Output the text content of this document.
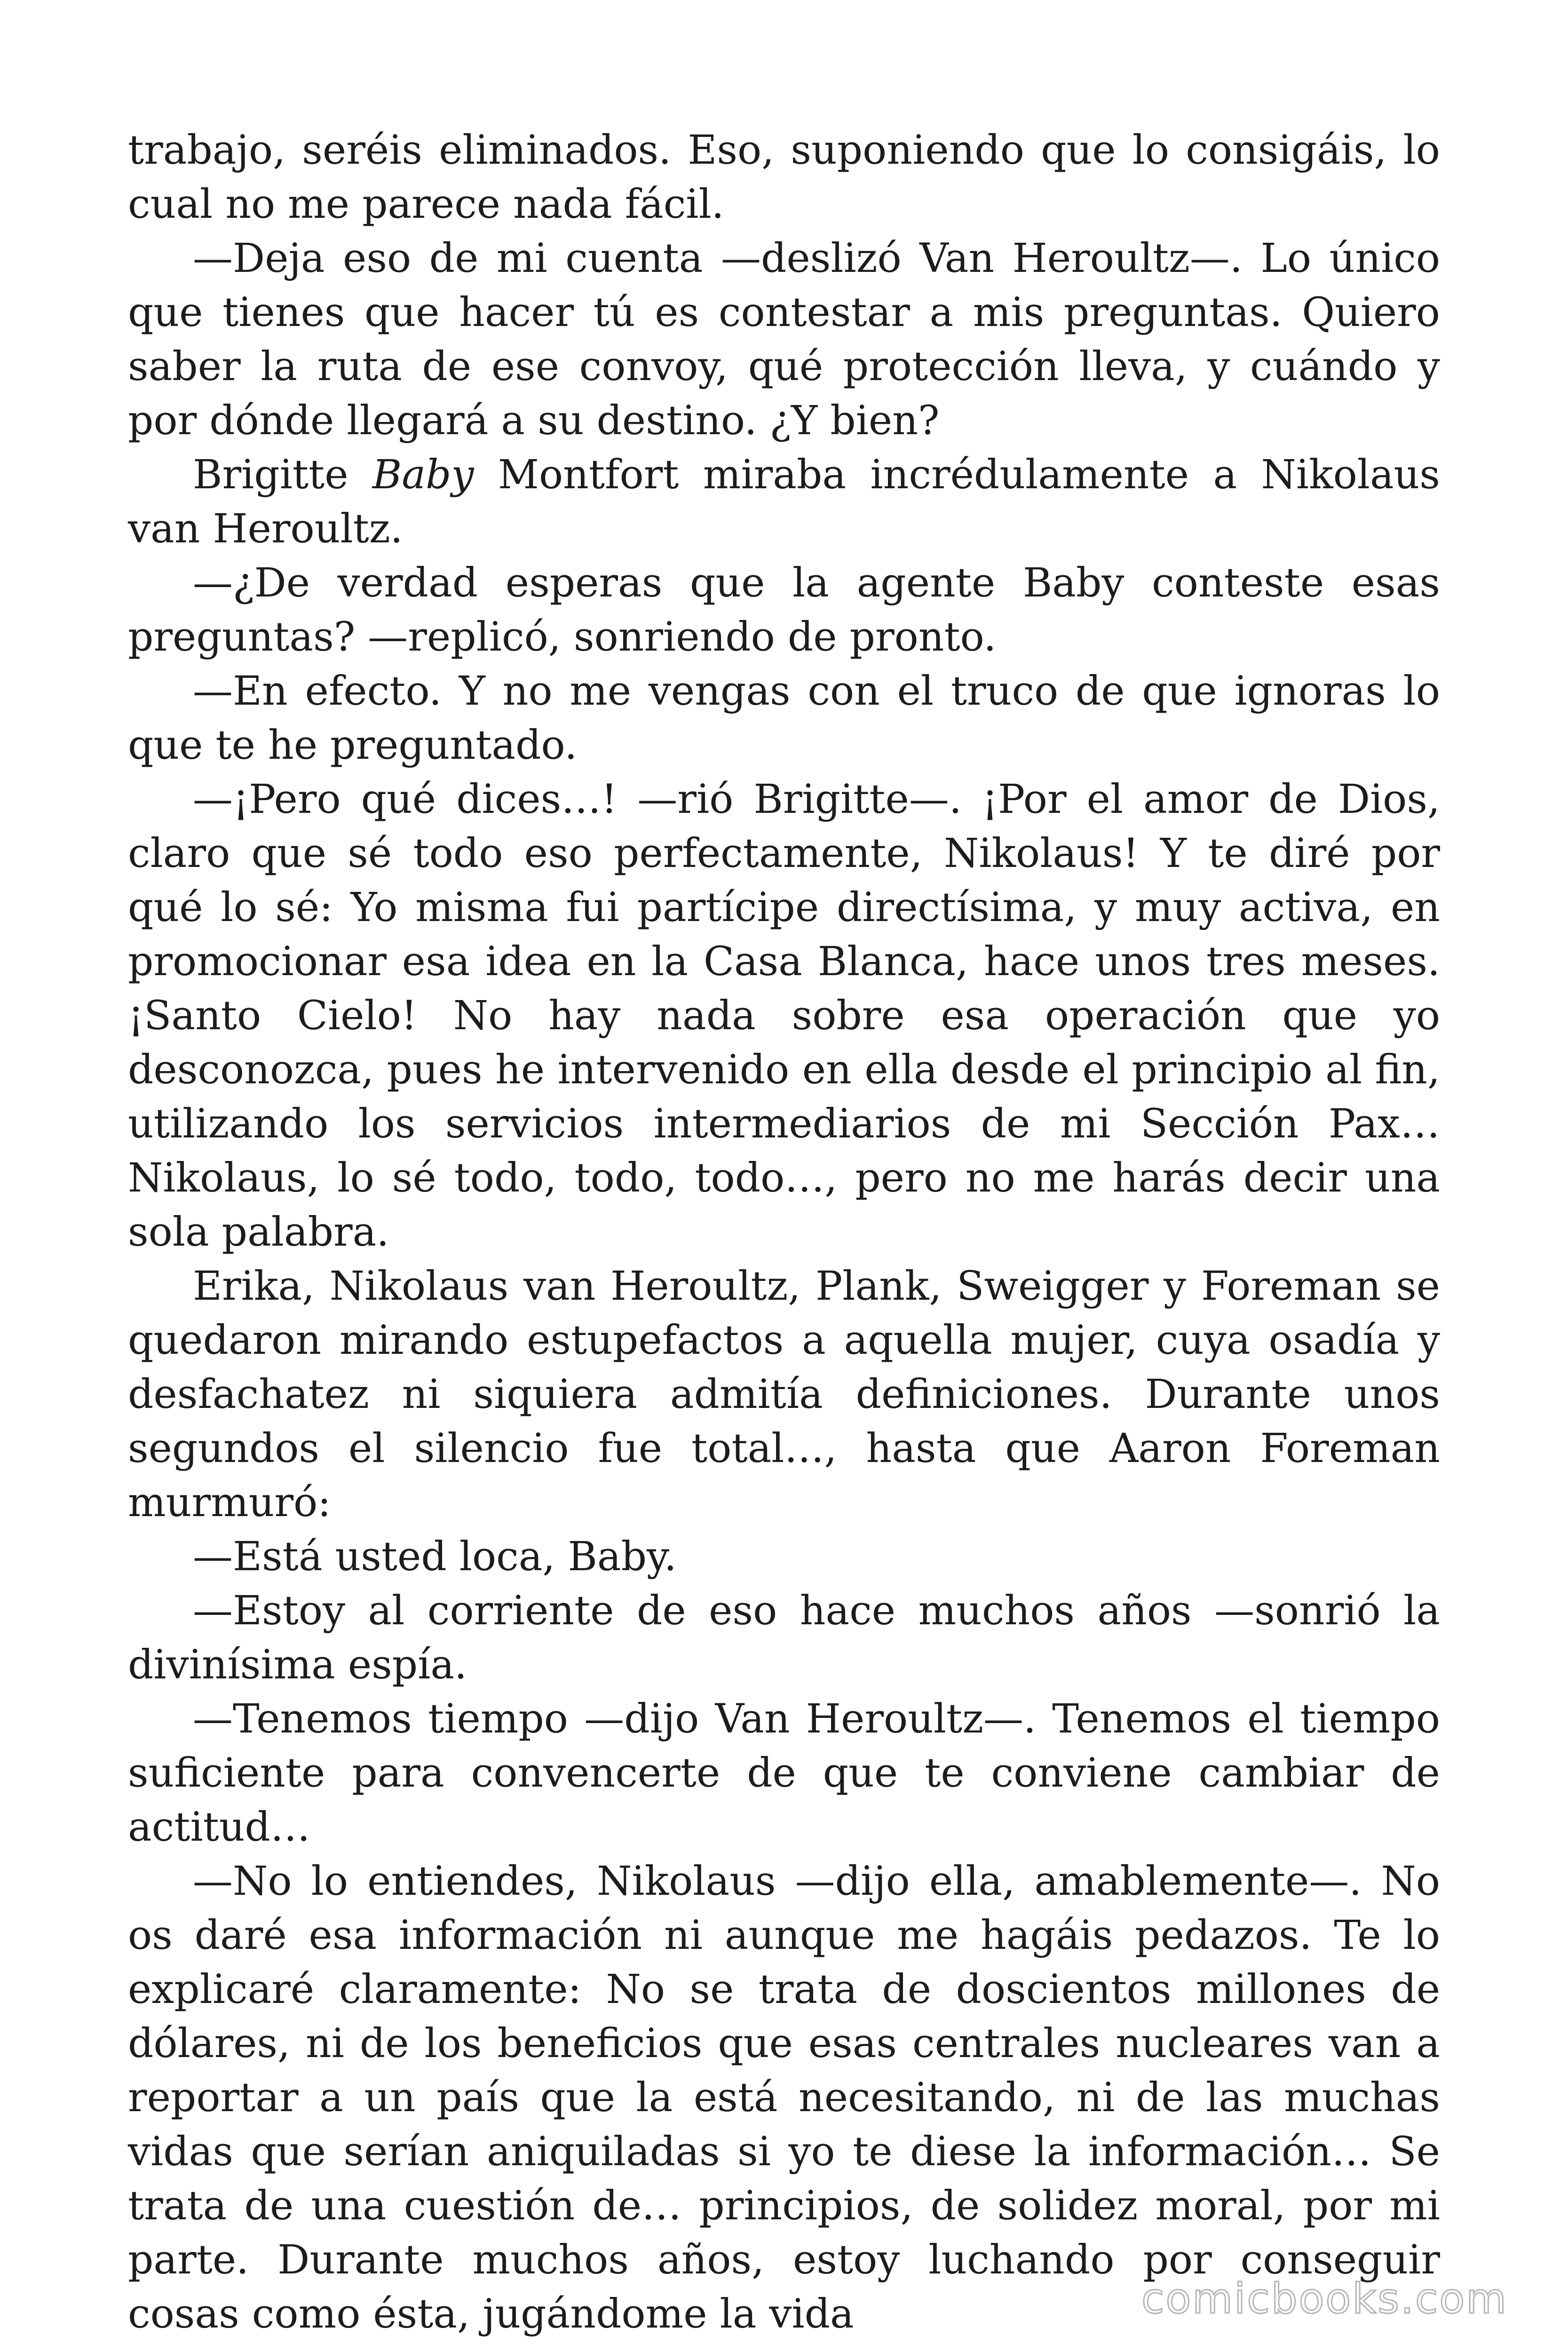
trabajo, seréis eliminados. Eso, suponiendo que lo consigáis, lo cual no me parece nada fácil.

—Deja eso de mi cuenta —deslizó Van Heroultz—. Lo único que tienes que hacer tú es contestar a mis preguntas. Quiero saber la ruta de ese convoy, qué protección lleva, y cuándo y por dónde llegará a su destino. ¿Y bien?

Brigitte Baby Montfort miraba incrédulamente a Nikolaus van Heroultz.

—¿De verdad esperas que la agente Baby conteste esas preguntas? —replicó, sonriendo de pronto.

—En efecto. Y no me vengas con el truco de que ignoras lo que te he preguntado.

—¡Pero qué dices…! —rió Brigitte—. ¡Por el amor de Dios, claro que sé todo eso perfectamente, Nikolaus! Y te diré por qué lo sé: Yo misma fui partícipe directísima, y muy activa, en promocionar esa idea en la Casa Blanca, hace unos tres meses. ¡Santo Cielo! No hay nada sobre esa operación que yo desconozca, pues he intervenido en ella desde el principio al fin, utilizando los servicios intermediarios de mi Sección Pax… Nikolaus, lo sé todo, todo, todo…, pero no me harás decir una sola palabra.

Erika, Nikolaus van Heroultz, Plank, Sweigger y Foreman se quedaron mirando estupefactos a aquella mujer, cuya osadía y desfachatez ni siquiera admitía definiciones. Durante unos segundos el silencio fue total…, hasta que Aaron Foreman murmuró:

—Está usted loca, Baby.

—Estoy al corriente de eso hace muchos años —sonrió la divinísima espía.

—Tenemos tiempo —dijo Van Heroultz—. Tenemos el tiempo suficiente para convencerte de que te conviene cambiar de actitud…

—No lo entiendes, Nikolaus —dijo ella, amablemente—. No os daré esa información ni aunque me hagáis pedazos. Te lo explicaré claramente: No se trata de doscientos millones de dólares, ni de los beneficios que esas centrales nucleares van a reportar a un país que la está necesitando, ni de las muchas vidas que serían aniquiladas si yo te diese la información… Se trata de una cuestión de… principios, de solidez moral, por mi parte. Durante muchos años, estoy luchando por conseguir cosas como ésta, jugándome la vida	comicbooks.com
